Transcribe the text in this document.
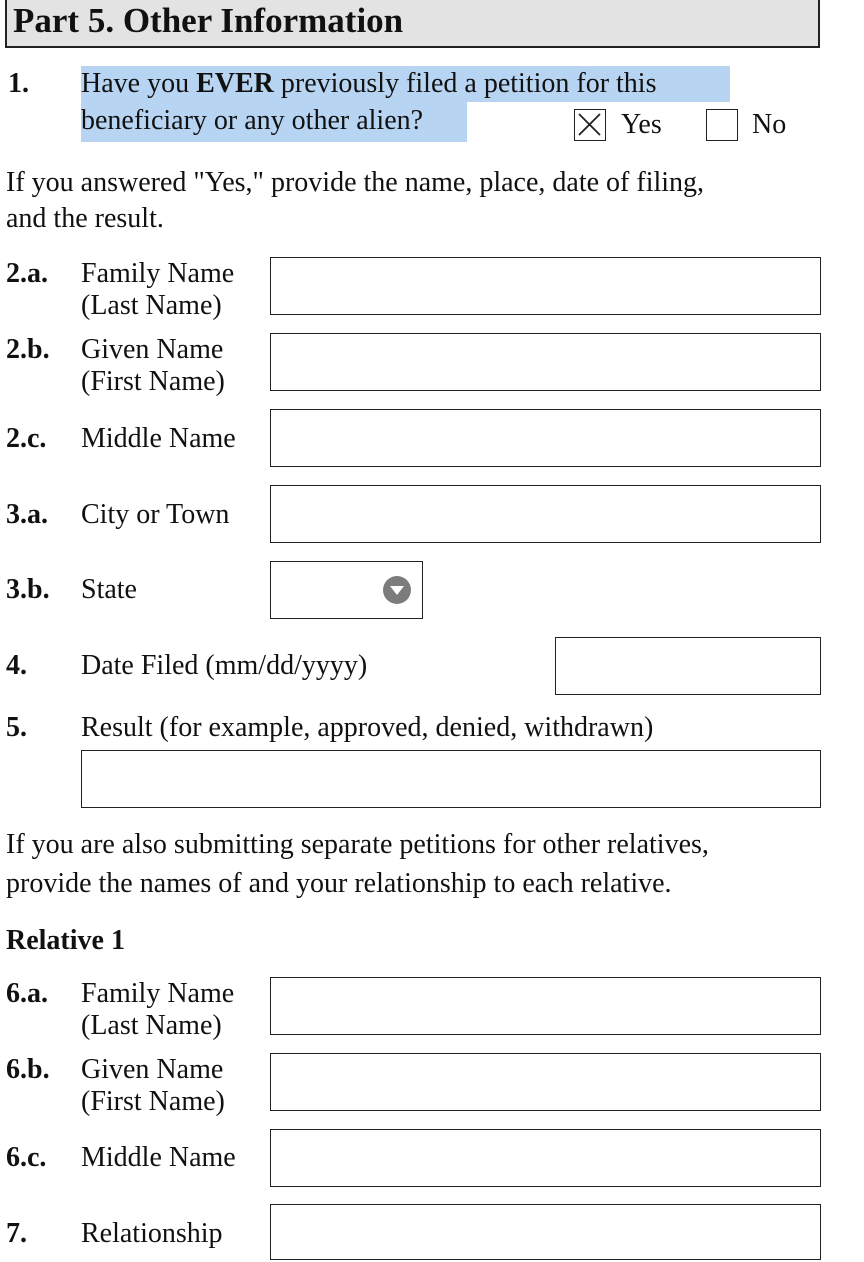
Part 5. Other Information
1. Have you EVER previously filed a petition for this
beneficiary or any other alien?	Yes	No
If you answered "Yes," provide the name, place, date of filing,
and the result.
2.a. Family Name
(Last Name)
2.b. Given Name
(First Name)
2.c. Middle Name
3.a. City or Town
3.b. State
4. Date Filed (mm/dd/yyyy)
5. Result (for example, approved, denied, withdrawn)
If you are also submitting separate petitions for other relatives,
provide the names of and your relationship to each relative.
Relative 1
6.a. Family Name
(Last Name)
6.b. Given Name
(First Name)
6.c. Middle Name
7. Relationship
